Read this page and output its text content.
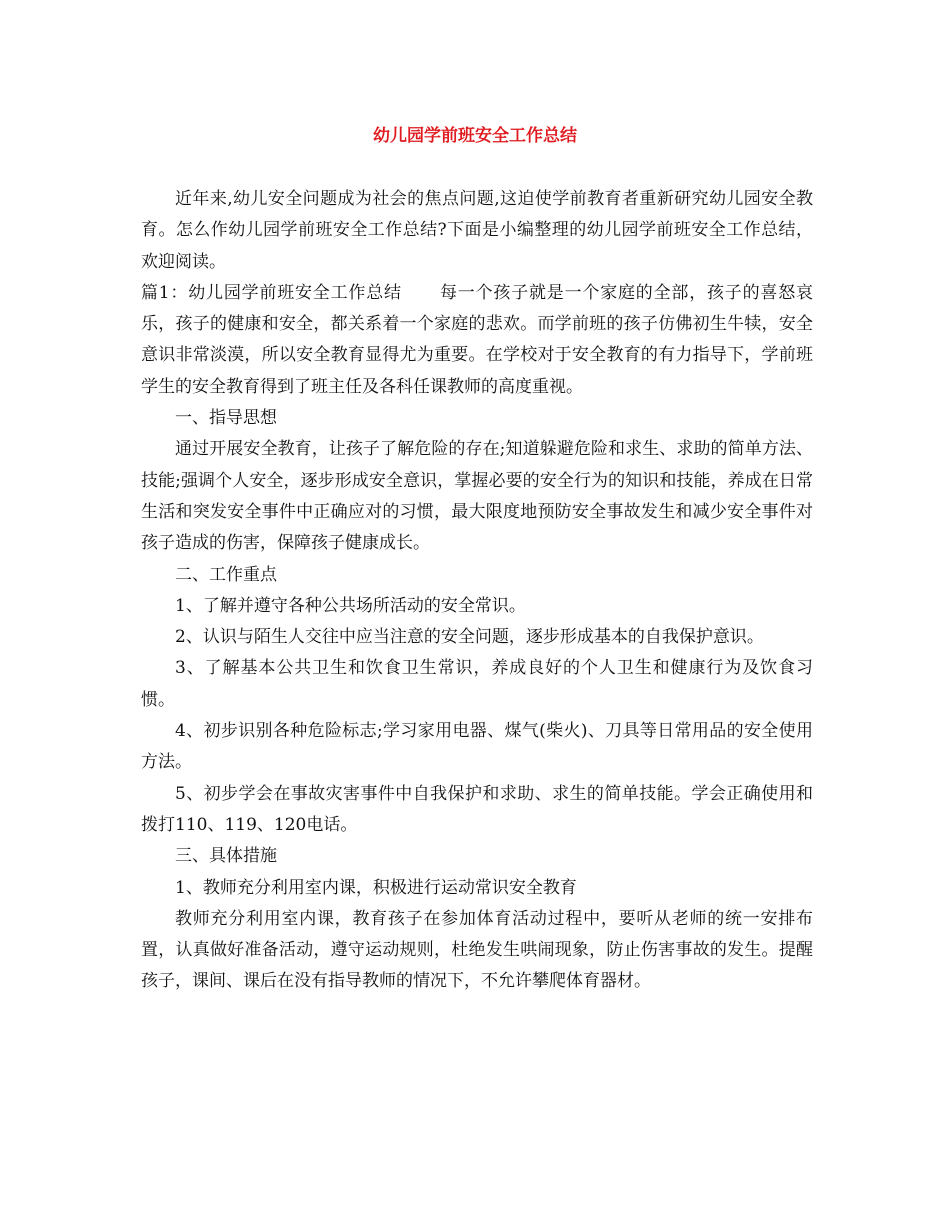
幼儿园学前班安全工作总结

近年来,幼儿安全问题成为社会的焦点问题,这迫使学前教育者重新研究幼儿园安全教育。怎么作幼儿园学前班安全工作总结?下面是小编整理的幼儿园学前班安全工作总结，欢迎阅读。

篇1：幼儿园学前班安全工作总结 每一个孩子就是一个家庭的全部，孩子的喜怒哀乐，孩子的健康和安全，都关系着一个家庭的悲欢。而学前班的孩子仿佛初生牛犊，安全意识非常淡漠，所以安全教育显得尤为重要。在学校对于安全教育的有力指导下，学前班学生的安全教育得到了班主任及各科任课教师的高度重视。

一、指导思想

通过开展安全教育，让孩子了解危险的存在;知道躲避危险和求生、求助的简单方法、技能;强调个人安全，逐步形成安全意识，掌握必要的安全行为的知识和技能，养成在日常生活和突发安全事件中正确应对的习惯，最大限度地预防安全事故发生和减少安全事件对孩子造成的伤害，保障孩子健康成长。

二、工作重点

1、了解并遵守各种公共场所活动的安全常识。

2、认识与陌生人交往中应当注意的安全问题，逐步形成基本的自我保护意识。

3、了解基本公共卫生和饮食卫生常识，养成良好的个人卫生和健康行为及饮食习惯。

4、初步识别各种危险标志;学习家用电器、煤气(柴火)、刀具等日常用品的安全使用方法。

5、初步学会在事故灾害事件中自我保护和求助、求生的简单技能。学会正确使用和拨打110、119、120电话。

三、具体措施

1、教师充分利用室内课，积极进行运动常识安全教育

教师充分利用室内课，教育孩子在参加体育活动过程中，要听从老师的统一安排布置，认真做好准备活动，遵守运动规则，杜绝发生哄闹现象，防止伤害事故的发生。提醒孩子，课间、课后在没有指导教师的情况下，不允许攀爬体育器材。
